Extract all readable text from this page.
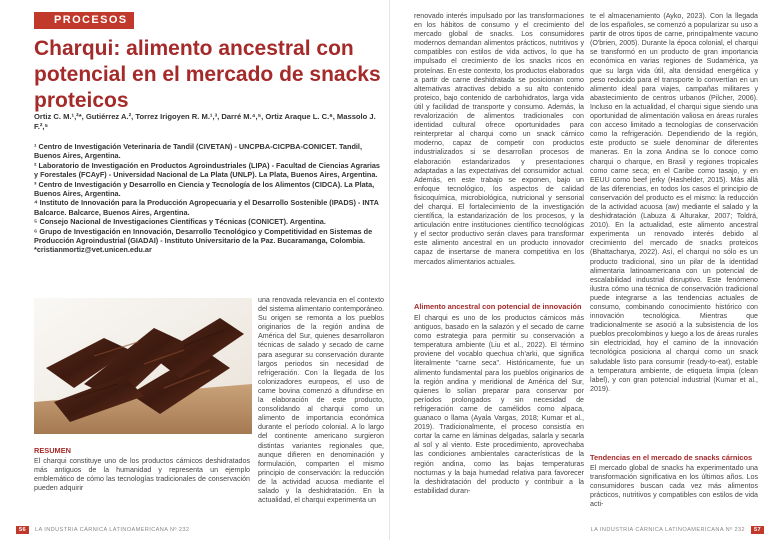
PROCESOS
Charqui: alimento ancestral con potencial en el mercado de snacks proteicos
Ortiz C. M.¹,²*, Gutiérrez A.², Torrez Irigoyen R. M.¹,³, Darré M.⁴,⁵, Ortiz Araque L. C.⁶, Massolo J. F.²,⁵

¹ Centro de Investigación Veterinaria de Tandil (CIVETAN) - UNCPBA-CICPBA-CONICET. Tandil, Buenos Aires, Argentina.

² Laboratorio de Investigación en Productos Agroindustriales (LIPA) - Facultad de Ciencias Agrarias y Forestales (FCAyF) - Universidad Nacional de La Plata (UNLP). La Plata, Buenos Aires, Argentina.

³ Centro de Investigación y Desarrollo en Ciencia y Tecnología de los Alimentos (CIDCA). La Plata, Buenos Aires, Argentina.

⁴ Instituto de Innovación para la Producción Agropecuaria y el Desarrollo Sostenible (IPADS) - INTA Balcarce. Balcarce, Buenos Aires, Argentina.

⁵ Consejo Nacional de Investigaciones Científicas y Técnicas (CONICET). Argentina.

⁶ Grupo de Investigación en Innovación, Desarrollo Tecnológico y Competitividad en Sistemas de Producción Agroindustrial (GIADAI) - Instituto Universitario de la Paz. Bucaramanga, Colombia.

*cristianmortiz@vet.unicen.edu.ar

RESUMEN
El charqui constituye uno de los productos cárnicos deshidratados más antiguos de la humanidad y representa un ejemplo emblemático de cómo las tecnologías tradicionales de conservación pueden adquirir
una renovada relevancia en el contexto del sistema alimentario contemporáneo. Su origen se remonta a los pueblos originarios de la región andina de América del Sur, quienes desarrollaron técnicas de salado y secado de carne para asegurar su conservación durante largos periodos sin necesidad de refrigeración. Con la llegada de los colonizadores europeos, el uso de carne bovina comenzó a difundirse en la elaboración de este producto, consolidando al charqui como un alimento de importancia económica durante el período colonial. A lo largo del continente americano surgieron distintas variantes regionales que, aunque difieren en denominación y formulación, comparten el mismo principio de conservación: la reducción de la actividad acuosa mediante el salado y la deshidratación. En la actualidad, el charqui experimenta un
56 LA INDUSTRIA CÁRNICA LATINOAMERICANA Nº 232
renovado interés impulsado por las transformaciones en los hábitos de consumo y el crecimiento del mercado global de snacks. Los consumidores modernos demandan alimentos prácticos, nutritivos y compatibles con estilos de vida activos, lo que ha impulsado el crecimiento de los snacks ricos en proteínas. En este contexto, los productos elaborados a partir de carne deshidratada se posicionan como alternativas atractivas debido a su alto contenido proteico, bajo contenido de carbohidratos, larga vida útil y facilidad de transporte y consumo. Además, la revalorización de alimentos tradicionales con identidad cultural ofrece oportunidades para reinterpretar al charqui como un snack cárnico moderno, capaz de competir con productos industrializados si se desarrollan procesos de elaboración estandarizados y presentaciones adaptadas a las expectativas del consumidor actual. Además, en este trabajo se exponen, bajo un enfoque tecnológico, los aspectos de calidad fisicoquímica, microbiológica, nutricional y sensorial del charqui. El fortalecimiento de la investigación científica, la estandarización de los procesos, y la articulación entre instituciones científico tecnológicas y el sector productivo serán claves para transformar este alimento ancestral en un producto innovador capaz de insertarse de manera competitiva en los mercados alimentarios actuales.
Alimento ancestral con potencial de innovación
El charqui es uno de los productos cárnicos más antiguos, basado en la salazón y el secado de carne como estrategia para permitir su conservación a temperatura ambiente (Liu et al., 2022). El término proviene del vocablo quechua ch'arki, que significa literalmente "carne seca". Históricamente, fue un alimento fundamental para los pueblos originarios de la región andina y meridional de América del Sur, quienes lo solían preparar para conservar por períodos prolongados y sin necesidad de refrigeración carne de camélidos como alpaca, guanaco o llama (Ayala Vargas, 2018; Kumar et al., 2019). Tradicionalmente, el proceso consistía en cortar la carne en láminas delgadas, salarla y secarla al sol y al viento. Este procedimiento, aprovechaba las condiciones ambientales características de la región andina, como las bajas temperaturas nocturnas y la baja humedad relativa para favorecer la deshidratación del producto y contribuir a la estabilidad duran-
te el almacenamiento (Ayko, 2023). Con la llegada de los españoles, se comenzó a popularizar su uso a partir de otros tipos de carne, principalmente vacuno (O'brien, 2005). Durante la época colonial, el charqui se transformó en un producto de gran importancia económica en varias regiones de Sudamérica, ya que su larga vida útil, alta densidad energética y peso reducido para el transporte lo convertían en un alimento ideal para viajes, campañas militares y abastecimiento de centros urbanos (Pilcher, 2006). Incluso en la actualidad, el charqui sigue siendo una oportunidad de alimentación valiosa en áreas rurales con acceso limitado a tecnologías de conservación como la refrigeración. Dependiendo de la región, este producto se suele denominar de diferentes maneras. En la zona Andina se lo conoce como charqui o charque, en Brasil y regiones tropicales como carne seca; en el Caribe como tasajo, y en EEUU como beef jerky (Hashelder, 2015). Más allá de las diferencias, en todos los casos el principio de conservación del producto es el mismo: la reducción de la actividad acuosa (aw) mediante el salado y la deshidratación (Labuza & Alturakar, 2007; Toldrá, 2010). En la actualidad, este alimento ancestral experimenta un renovado interés debido al crecimiento del mercado de snacks proteicos (Bhattacharya, 2022). Así, el charqui no sólo es un producto tradicional, sino un pilar de la identidad alimentaria latinoamericana con un potencial de escalabilidad industrial disruptivo. Este fenómeno ilustra cómo una técnica de conservación tradicional puede integrarse a las tendencias actuales de consumo, combinando conocimiento histórico con innovación tecnológica. Mientras que tradicionalmente se asoció a la subsistencia de los pueblos precolombinos y luego a los de áreas rurales sin electricidad, hoy el camino de la innovación tecnológica posiciona al charqui como un snack saludable listo para consumir (ready-to-eat), estable a temperatura ambiente, de etiqueta limpia (clean label), y con gran potencial industrial (Kumar et al., 2019).
Tendencias en el mercado de snacks cárnicos
El mercado global de snacks ha experimentado una transformación significativa en los últimos años. Los consumidores buscan cada vez más alimentos prácticos, nutritivos y compatibles con estilos de vida acti-
LA INDUSTRIA CÁRNICA LATINOAMERICANA Nº 232 57
